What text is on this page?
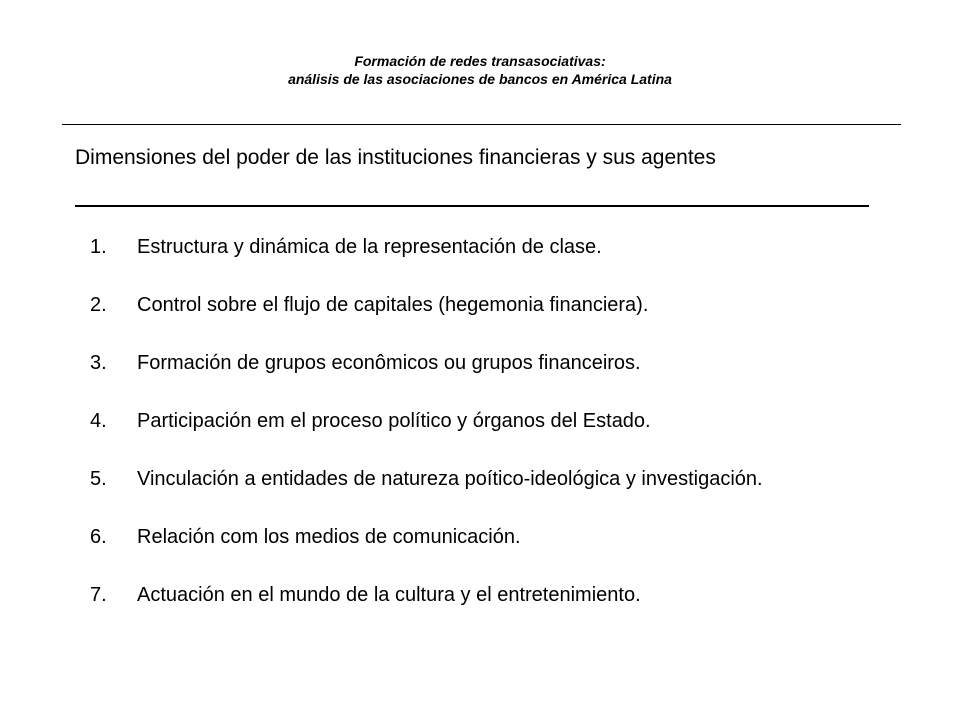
Formación de redes transasociativas:
análisis de las asociaciones de bancos en América Latina
Dimensiones del poder de las instituciones financieras y sus agentes
1.	Estructura y dinámica de la representación de clase.
2.	Control sobre el flujo de capitales (hegemonia financiera).
3.	Formación de grupos econômicos ou grupos financeiros.
4.	Participación em el proceso político y órganos del Estado.
5.	Vinculación a entidades de natureza poítico-ideológica y investigación.
6.	Relación com los medios de comunicación.
7.	Actuación en el mundo de la cultura y el entretenimiento.
